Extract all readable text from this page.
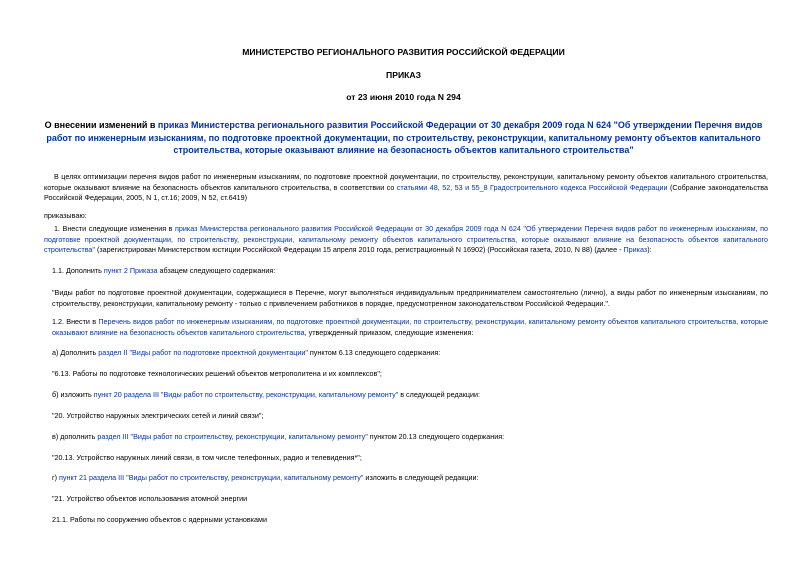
МИНИСТЕРСТВО РЕГИОНАЛЬНОГО РАЗВИТИЯ РОССИЙСКОЙ ФЕДЕРАЦИИ
ПРИКАЗ
от 23 июня 2010 года N 294
О внесении изменений в приказ Министерства регионального развития Российской Федерации от 30 декабря 2009 года N 624 "Об утверждении Перечня видов работ по инженерным изысканиям, по подготовке проектной документации, по строительству, реконструкции, капитальному ремонту объектов капитального строительства, которые оказывают влияние на безопасность объектов капитального строительства"
В целях оптимизации перечня видов работ по инженерным изысканиям, по подготовке проектной документации, по строительству, реконструкции, капитальному ремонту объектов капитального строительства, которые оказывают влияние на безопасность объектов капитального строительства, в соответствии со статьями 48, 52, 53 и 55_8 Градостроительного кодекса Российской Федерации (Собрание законодательства Российской Федерации, 2005, N 1, ст.16; 2009, N 52, ст.6419)
приказываю:
1. Внести следующие изменения в приказ Министерства регионального развития Российской Федерации от 30 декабря 2009 года N 624 "Об утверждении Перечня видов работ по инженерным изысканиям, по подготовке проектной документации, по строительству, реконструкции, капитальному ремонту объектов капитального строительства, которые оказывают влияние на безопасность объектов капитального строительства" (зарегистрирован Министерством юстиции Российской Федерации 15 апреля 2010 года, регистрационный N 16902) (Российская газета, 2010, N 88) (далее - Приказ):
1.1. Дополнить пункт 2 Приказа абзацем следующего содержания:
"Виды работ по подготовке проектной документации, содержащиеся в Перечне, могут выполняться индивидуальным предпринимателем самостоятельно (лично), а виды работ по инженерным изысканиям, по строительству, реконструкции, капитальному ремонту - только с привлечением работников в порядке, предусмотренном законодательством Российской Федерации.".
1.2. Внести в Перечень видов работ по инженерным изысканиям, по подготовке проектной документации, по строительству, реконструкции, капитальному ремонту объектов капитального строительства, которые оказывают влияние на безопасность объектов капитального строительства, утвержденный приказом, следующие изменения:
а) Дополнить раздел II "Виды работ по подготовке проектной документации" пунктом 6.13 следующего содержания:
"6.13. Работы по подготовке технологических решений объектов метрополитена и их комплексов";
б) изложить пункт 20 раздела III "Виды работ по строительству, реконструкции, капитальному ремонту" в следующей редакции:
"20. Устройство наружных электрических сетей и линий связи";
в) дополнить раздел III "Виды работ по строительству, реконструкции, капитальному ремонту" пунктом 20.13 следующего содержания:
"20.13. Устройство наружных линий связи, в том числе телефонных, радио и телевидения*";
г) пункт 21 раздела III "Виды работ по строительству, реконструкции, капитальному ремонту" изложить в следующей редакции:
"21. Устройство объектов использования атомной энергии
21.1. Работы по сооружению объектов с ядерными установками
